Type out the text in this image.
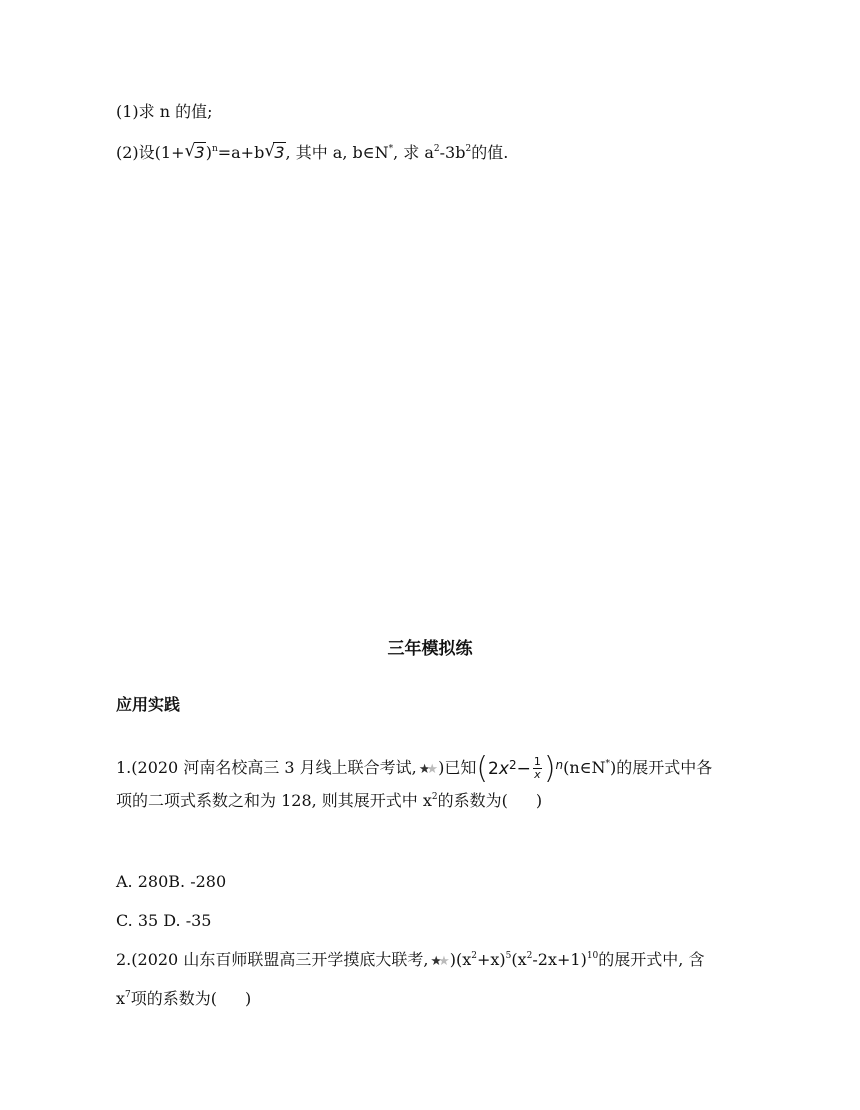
(1)求 n 的值;
(2)设(1+ √ 3)$^n$=a+b √ 3, 其中 a, b∈N*, 求 $a^2-3b^2$的值.
三年模拟练
应用实践
1.(2020 河南名校高三 3 月线上联合考试, ★★ )已知 ( 2 x $2 - \frac{1}{x}$ ) n (n∈N*)的展开式中各
项的二项式系数之和为 128, 则其展开式中 $x^2$的系数为( )
A. 280B. -280
C. 35 D. -35
2.(2020 山东百师联盟高三开学摸底大联考, ★★ )$(x^2+x)^5(x^2-2x+1)^{10}$的展开式中, 含
$x^7$项的系数为( )
